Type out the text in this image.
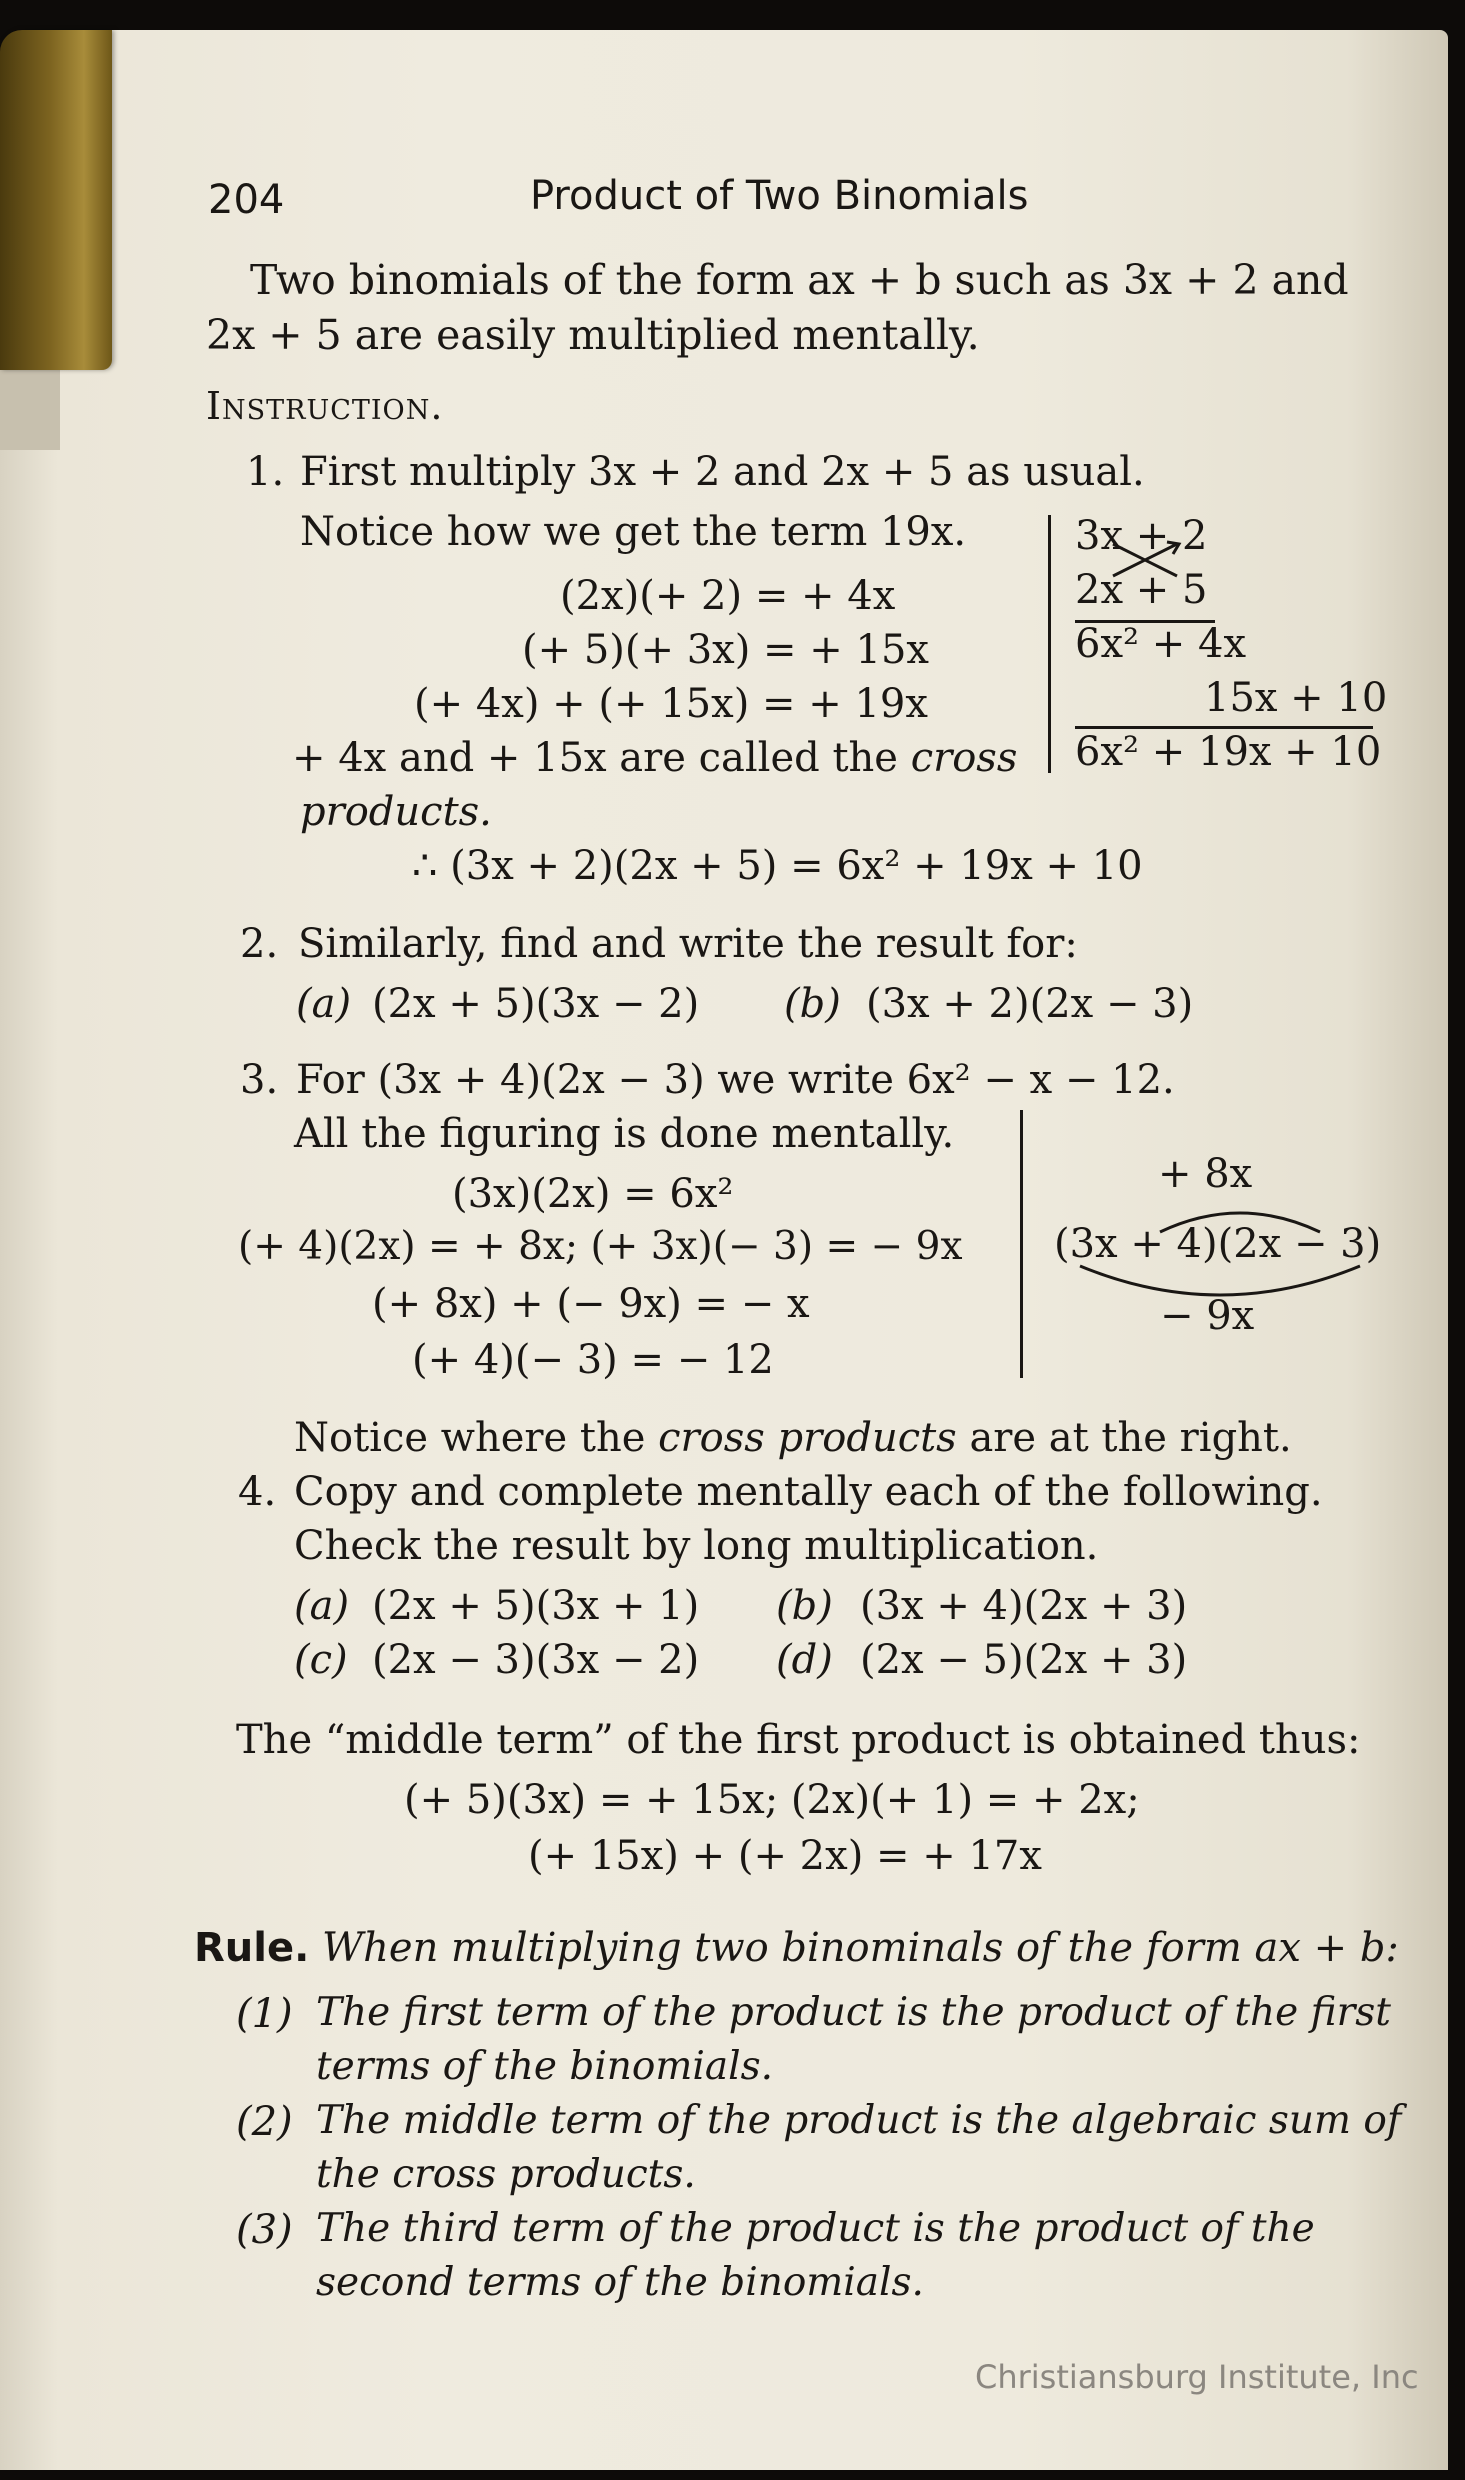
204	Product of Two Binomials
Two binomials of the form ax + b such as 3x + 2 and
2x + 5 are easily multiplied mentally.
Instruction.
1. First multiply 3x + 2 and 2x + 5 as usual.
Notice how we get the term 19x.
(2x)(+ 2) = + 4x
(+ 5)(+ 3x) = + 15x
(+ 4x) + (+ 15x) = + 19x
+ 4x and + 15x are called the cross
products.
∴ (3x + 2)(2x + 5) = 6x² + 19x + 10
3x + 2
2x + 5
6x² + 4x
15x + 10
6x² + 19x + 10
2. Similarly, find and write the result for:
(a) (2x + 5)(3x − 2) (b) (3x + 2)(2x − 3)
3. For (3x + 4)(2x − 3) we write 6x² − x − 12.
All the figuring is done mentally.
(3x)(2x) = 6x²
(+ 4)(2x) = + 8x; (+ 3x)(− 3) = − 9x
(+ 8x) + (− 9x) = − x
(+ 4)(− 3) = − 12
+ 8x
(3x + 4)(2x − 3)
− 9x
Notice where the cross products are at the right.
4. Copy and complete mentally each of the following.
Check the result by long multiplication.
(a) (2x + 5)(3x + 1) (b) (3x + 4)(2x + 3)
(c) (2x − 3)(3x − 2) (d) (2x − 5)(2x + 3)
The “middle term” of the first product is obtained thus:
(+ 5)(3x) = + 15x; (2x)(+ 1) = + 2x;
(+ 15x) + (+ 2x) = + 17x
Rule. When multiplying two binominals of the form ax + b:
(1) The first term of the product is the product of the first
terms of the binomials.
(2) The middle term of the product is the algebraic sum of
the cross products.
(3) The third term of the product is the product of the
second terms of the binomials.
Christiansburg Institute, Inc
